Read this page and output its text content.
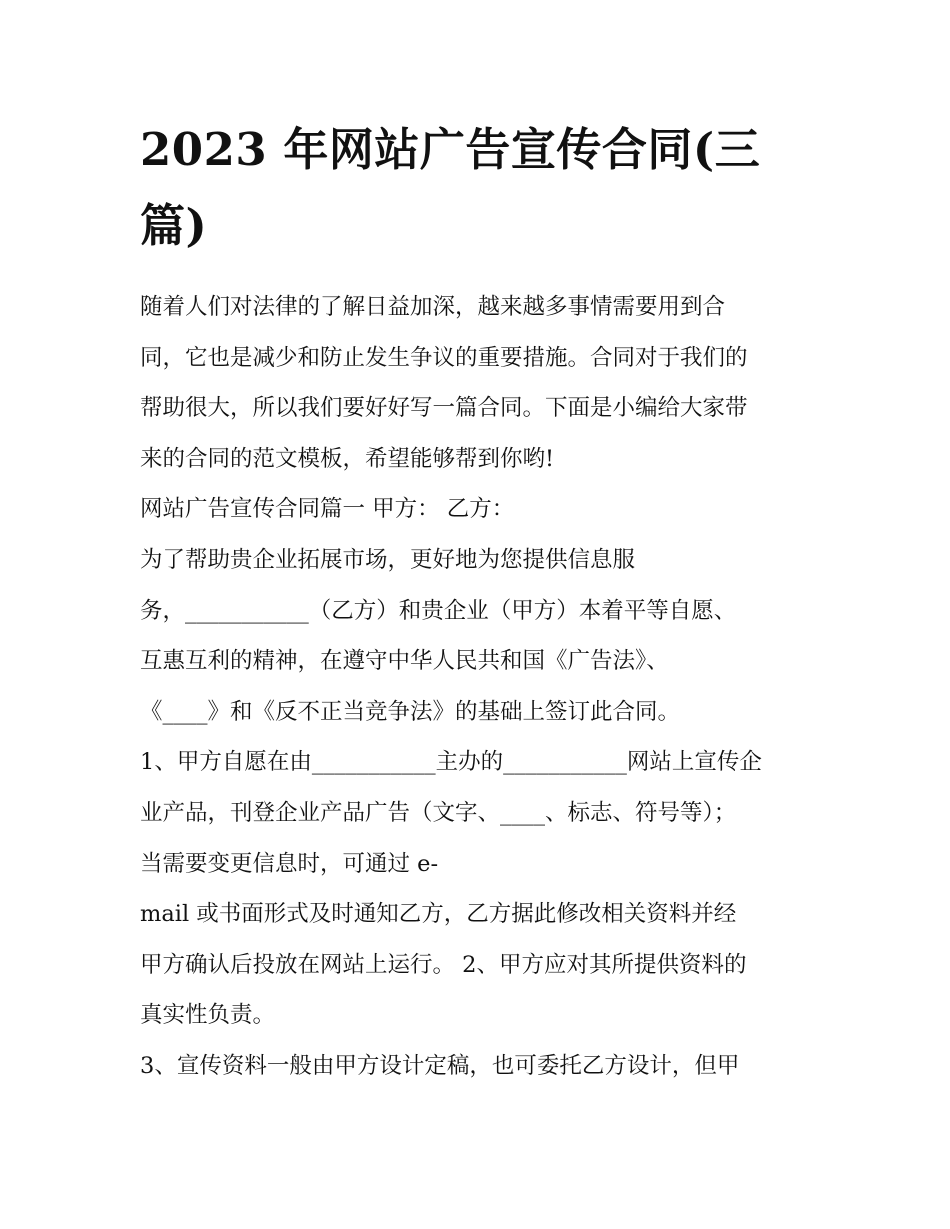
2023 年网站广告宣传合同(三
篇)
随着人们对法律的了解日益加深，越来越多事情需要用到合
同，它也是减少和防止发生争议的重要措施。合同对于我们的
帮助很大，所以我们要好好写一篇合同。下面是小编给大家带
来的合同的范文模板，希望能够帮到你哟!
网站广告宣传合同篇一 甲方： 乙方：
为了帮助贵企业拓展市场，更好地为您提供信息服
务，___________（乙方）和贵企业（甲方）本着平等自愿、
互惠互利的精神，在遵守中华人民共和国《广告法》、
《____》和《反不正当竞争法》的基础上签订此合同。
1、甲方自愿在由___________主办的___________网站上宣传企
业产品，刊登企业产品广告（文字、____、标志、符号等）；
当需要变更信息时，可通过 e-
mail 或书面形式及时通知乙方，乙方据此修改相关资料并经
甲方确认后投放在网站上运行。 2、甲方应对其所提供资料的
真实性负责。
3、宣传资料一般由甲方设计定稿，也可委托乙方设计，但甲
